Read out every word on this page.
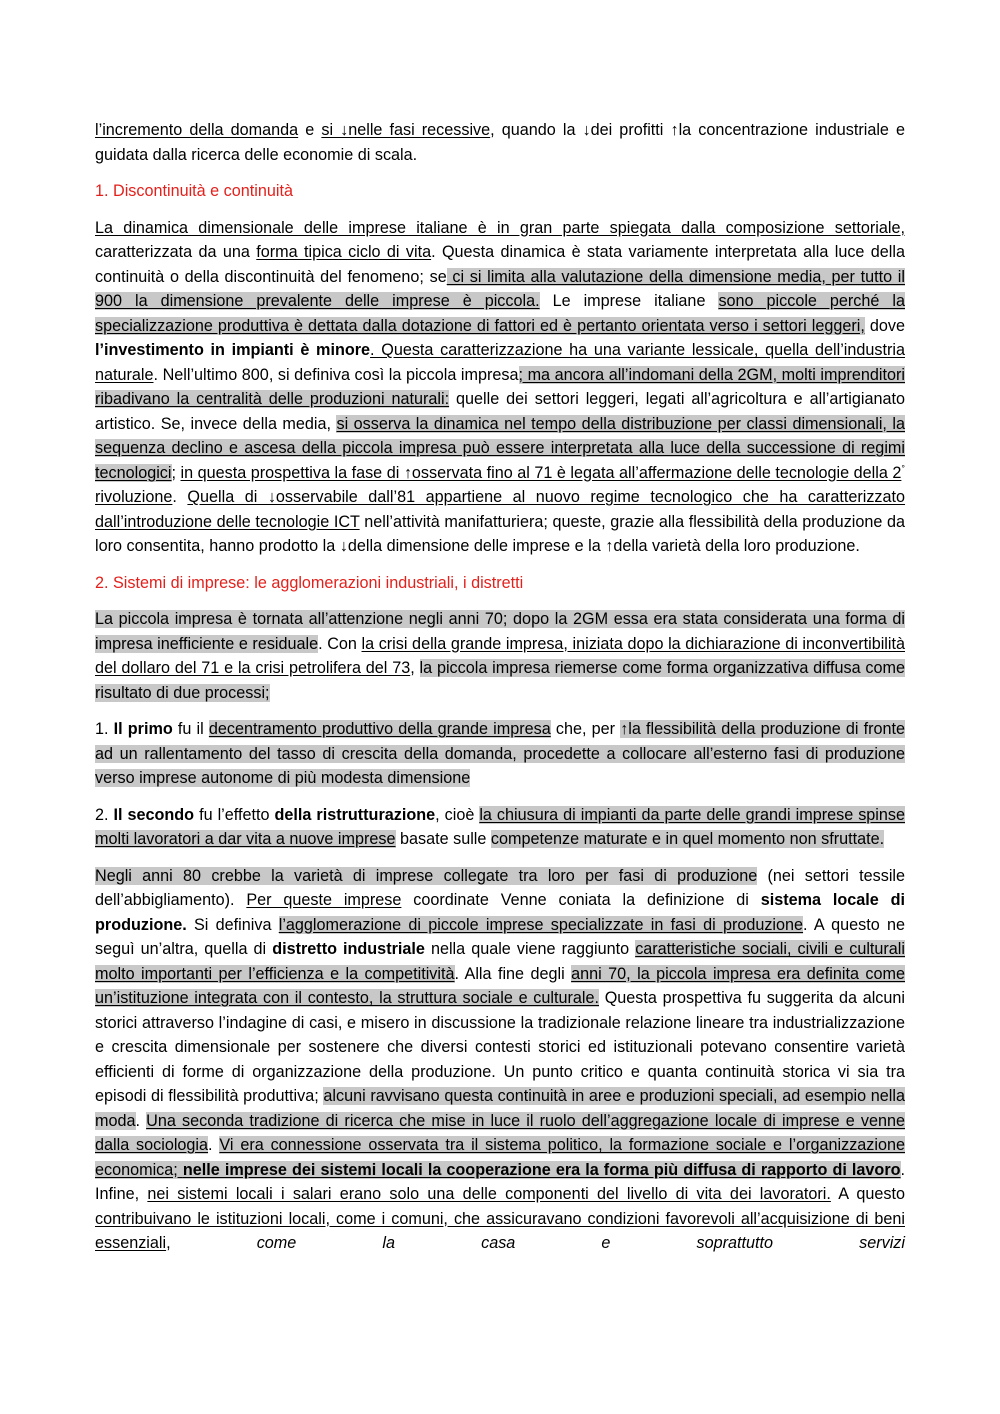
l’incremento della domanda e si ↓nelle fasi recessive, quando la ↓dei profitti ↑la concentrazione industriale e guidata dalla ricerca delle economie di scala.

1. Discontinuità e continuità

La dinamica dimensionale delle imprese italiane è in gran parte spiegata dalla composizione settoriale, caratterizzata da una forma tipica ciclo di vita. Questa dinamica è stata variamente interpretata alla luce della continuità o della discontinuità del fenomeno; se ci si limita alla valutazione della dimensione media, per tutto il 900 la dimensione prevalente delle imprese è piccola. Le imprese italiane sono piccole perché la specializzazione produttiva è dettata dalla dotazione di fattori ed è pertanto orientata verso i settori leggeri, dove l’investimento in impianti è minore. Questa caratterizzazione ha una variante lessicale, quella dell’industria naturale. Nell’ultimo 800, si definiva così la piccola impresa; ma ancora all’indomani della 2GM, molti imprenditori ribadivano la centralità delle produzioni naturali: quelle dei settori leggeri, legati all’agricoltura e all’artigianato artistico. Se, invece della media, si osserva la dinamica nel tempo della distribuzione per classi dimensionali, la sequenza declino e ascesa della piccola impresa può essere interpretata alla luce della successione di regimi tecnologici; in questa prospettiva la fase di ↑osservata fino al 71 è legata all’affermazione delle tecnologie della 2° rivoluzione. Quella di ↓osservabile dall’81 appartiene al nuovo regime tecnologico che ha caratterizzato dall’introduzione delle tecnologie ICT nell’attività manifatturiera; queste, grazie alla flessibilità della produzione da loro consentita, hanno prodotto la ↓della dimensione delle imprese e la ↑della varietà della loro produzione.

2. Sistemi di imprese: le agglomerazioni industriali, i distretti

La piccola impresa è tornata all’attenzione negli anni 70; dopo la 2GM essa era stata considerata una forma di impresa inefficiente e residuale. Con la crisi della grande impresa, iniziata dopo la dichiarazione di inconvertibilità del dollaro del 71 e la crisi petrolifera del 73, la piccola impresa riemerse come forma organizzativa diffusa come risultato di due processi;

1. Il primo fu il decentramento produttivo della grande impresa che, per ↑la flessibilità della produzione di fronte ad un rallentamento del tasso di crescita della domanda, procedette a collocare all’esterno fasi di produzione verso imprese autonome di più modesta dimensione

2. Il secondo fu l’effetto della ristrutturazione, cioè la chiusura di impianti da parte delle grandi imprese spinse molti lavoratori a dar vita a nuove imprese basate sulle competenze maturate e in quel momento non sfruttate.

Negli anni 80 crebbe la varietà di imprese collegate tra loro per fasi di produzione (nei settori tessile dell’abbigliamento). Per queste imprese coordinate Venne coniata la definizione di sistema locale di produzione. Si definiva l’agglomerazione di piccole imprese specializzate in fasi di produzione. A questo ne seguì un’altra, quella di distretto industriale nella quale viene raggiunto caratteristiche sociali, civili e culturali molto importanti per l’efficienza e la competitività. Alla fine degli anni 70, la piccola impresa era definita come un’istituzione integrata con il contesto, la struttura sociale e culturale. Questa prospettiva fu suggerita da alcuni storici attraverso l’indagine di casi, e misero in discussione la tradizionale relazione lineare tra industrializzazione e crescita dimensionale per sostenere che diversi contesti storici ed istituzionali potevano consentire varietà efficienti di forme di organizzazione della produzione. Un punto critico e quanta continuità storica vi sia tra episodi di flessibilità produttiva; alcuni ravvisano questa continuità in aree e produzioni speciali, ad esempio nella moda. Una seconda tradizione di ricerca che mise in luce il ruolo dell’aggregazione locale di imprese e venne dalla sociologia. Vi era connessione osservata tra il sistema politico, la formazione sociale e l’organizzazione economica; nelle imprese dei sistemi locali la cooperazione era la forma più diffusa di rapporto di lavoro. Infine, nei sistemi locali i salari erano solo una delle componenti del livello di vita dei lavoratori. A questo contribuivano le istituzioni locali, come i comuni, che assicuravano condizioni favorevoli all’acquisizione di beni essenziali, come la casa e soprattutto servizi
